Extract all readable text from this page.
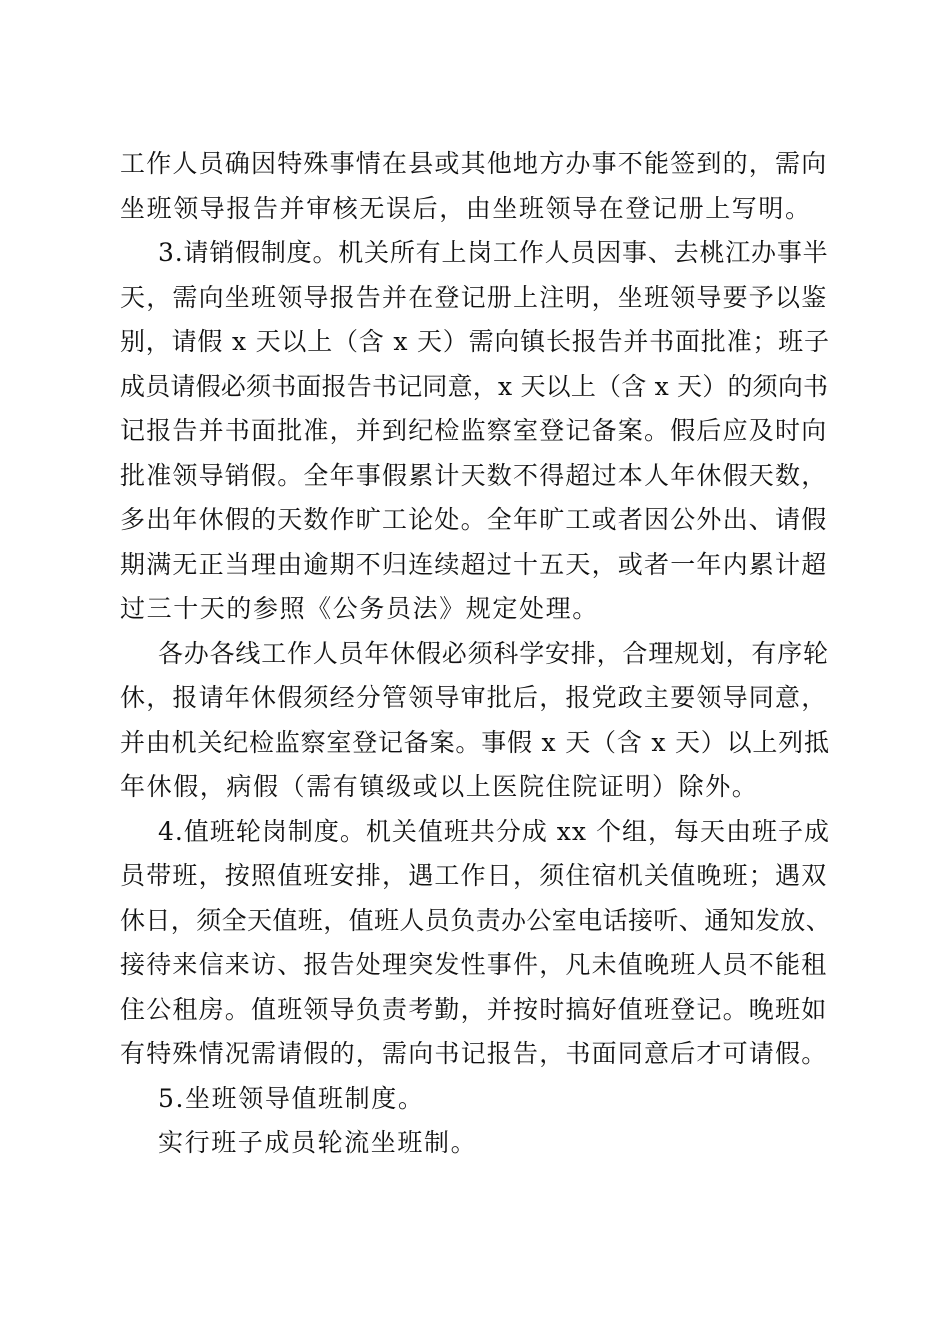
工作人员确因特殊事情在县或其他地方办事不能签到的，需向
坐班领导报告并审核无误后，由坐班领导在登记册上写明。
3.请销假制度。机关所有上岗工作人员因事、去桃江办事半
天，需向坐班领导报告并在登记册上注明，坐班领导要予以鉴
别，请假 x 天以上（含 x 天）需向镇长报告并书面批准；班子
成员请假必须书面报告书记同意，x 天以上（含 x 天）的须向书
记报告并书面批准，并到纪检监察室登记备案。假后应及时向
批准领导销假。全年事假累计天数不得超过本人年休假天数，
多出年休假的天数作旷工论处。全年旷工或者因公外出、请假
期满无正当理由逾期不归连续超过十五天，或者一年内累计超
过三十天的参照《公务员法》规定处理。
各办各线工作人员年休假必须科学安排，合理规划，有序轮
休，报请年休假须经分管领导审批后，报党政主要领导同意，
并由机关纪检监察室登记备案。事假 x 天（含 x 天）以上列抵
年休假，病假（需有镇级或以上医院住院证明）除外。
4.值班轮岗制度。机关值班共分成 xx 个组，每天由班子成
员带班，按照值班安排，遇工作日，须住宿机关值晚班；遇双
休日，须全天值班，值班人员负责办公室电话接听、通知发放、
接待来信来访、报告处理突发性事件，凡未值晚班人员不能租
住公租房。值班领导负责考勤，并按时搞好值班登记。晚班如
有特殊情况需请假的，需向书记报告，书面同意后才可请假。
5.坐班领导值班制度。
实行班子成员轮流坐班制。
